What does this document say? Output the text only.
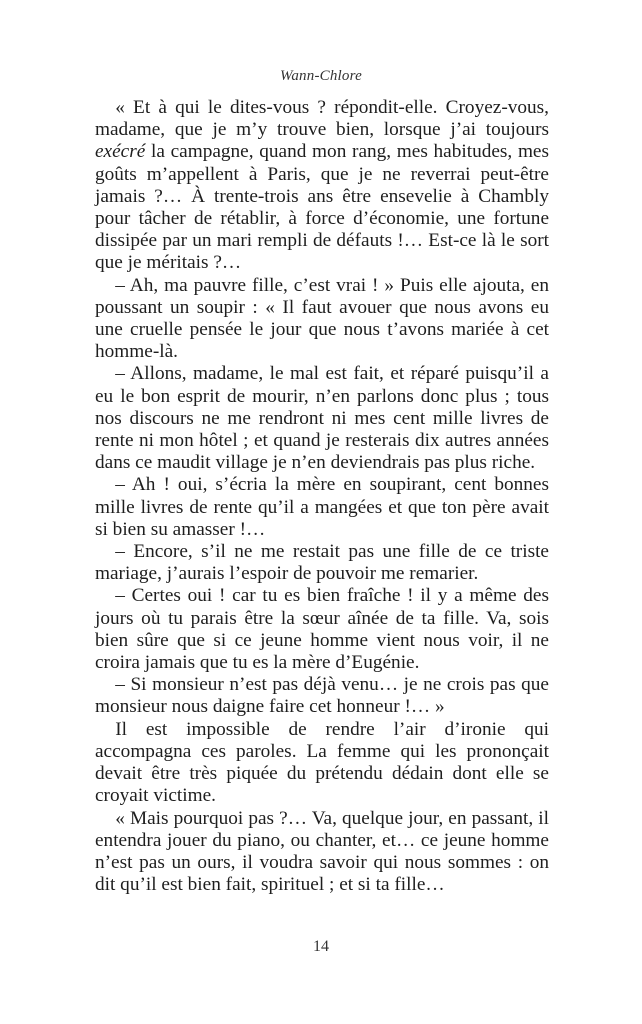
Wann-Chlore

« Et à qui le dites-vous ? répondit-elle. Croyez-vous, madame, que je m’y trouve bien, lorsque j’ai toujours exécré la campagne, quand mon rang, mes habitudes, mes goûts m’appellent à Paris, que je ne reverrai peut-être jamais ?… À trente-trois ans être ensevelie à Chambly pour tâcher de rétablir, à force d’économie, une fortune dissipée par un mari rempli de défauts !… Est-ce là le sort que je méritais ?…

– Ah, ma pauvre fille, c’est vrai ! » Puis elle ajouta, en poussant un soupir : « Il faut avouer que nous avons eu une cruelle pensée le jour que nous t’avons mariée à cet homme-là.

– Allons, madame, le mal est fait, et réparé puisqu’il a eu le bon esprit de mourir, n’en parlons donc plus ; tous nos discours ne me rendront ni mes cent mille livres de rente ni mon hôtel ; et quand je resterais dix autres années dans ce maudit village je n’en deviendrais pas plus riche.

– Ah ! oui, s’écria la mère en soupirant, cent bonnes mille livres de rente qu’il a mangées et que ton père avait si bien su amasser !…

– Encore, s’il ne me restait pas une fille de ce triste mariage, j’aurais l’espoir de pouvoir me remarier.

– Certes oui ! car tu es bien fraîche ! il y a même des jours où tu parais être la sœur aînée de ta fille. Va, sois bien sûre que si ce jeune homme vient nous voir, il ne croira jamais que tu es la mère d’Eugénie.

– Si monsieur n’est pas déjà venu… je ne crois pas que monsieur nous daigne faire cet honneur !… »

Il est impossible de rendre l’air d’ironie qui accompagna ces paroles. La femme qui les prononçait devait être très piquée du prétendu dédain dont elle se croyait victime.

« Mais pourquoi pas ?… Va, quelque jour, en passant, il entendra jouer du piano, ou chanter, et… ce jeune homme n’est pas un ours, il voudra savoir qui nous sommes : on dit qu’il est bien fait, spirituel ; et si ta fille…

14
